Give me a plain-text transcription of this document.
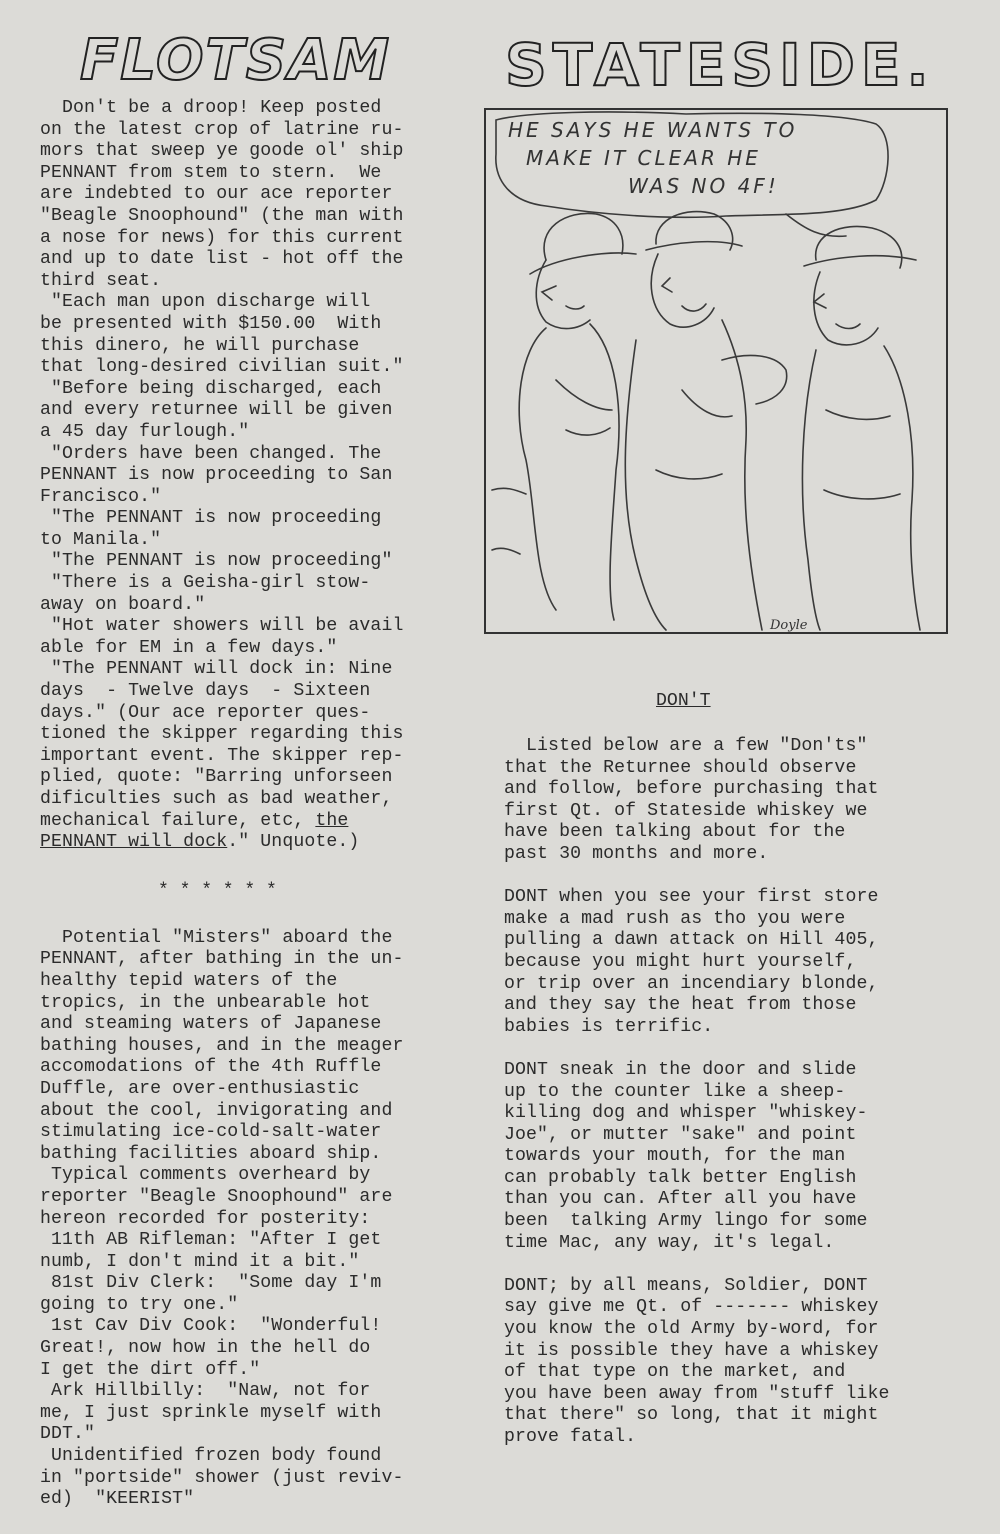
FLOTSAM STATESIDE.
HE SAYS HE WANTS TO
MAKE IT CLEAR HE
WAS NO 4F!
Doyle

Don't be a droop! Keep posted

on the latest crop of latrine ru-

mors that sweep ye goode ol' ship

PENNANT from stem to stern.  We

are indebted to our ace reporter

"Beagle Snoophound" (the man with

a nose for news) for this current

and up to date list - hot off the

third seat.

"Each man upon discharge will

be presented with $150.00  With

this dinero, he will purchase

that long-desired civilian suit."

"Before being discharged, each

and every returnee will be given

a 45 day furlough."

"Orders have been changed. The

PENNANT is now proceeding to San

Francisco."

"The PENNANT is now proceeding

to Manila."

"The PENNANT is now proceeding"

"There is a Geisha-girl stow-

away on board."

"Hot water showers will be avail

able for EM in a few days."

"The PENNANT will dock in: Nine

days  - Twelve days  - Sixteen

days." (Our ace reporter ques-

tioned the skipper regarding this

important event. The skipper rep-

plied, quote: "Barring unforseen

dificulties such as bad weather,

mechanical failure, etc, the

PENNANT will dock." Unquote.)

* * * * * *

Potential "Misters" aboard the

PENNANT, after bathing in the un-

healthy tepid waters of the

tropics, in the unbearable hot

and steaming waters of Japanese

bathing houses, and in the meager

accomodations of the 4th Ruffle

Duffle, are over-enthusiastic

about the cool, invigorating and

stimulating ice-cold-salt-water

bathing facilities aboard ship.

Typical comments overheard by

reporter "Beagle Snoophound" are

hereon recorded for posterity:

11th AB Rifleman: "After I get

numb, I don't mind it a bit."

81st Div Clerk:  "Some day I'm

going to try one."

1st Cav Div Cook:  "Wonderful!

Great!, now how in the hell do

I get the dirt off."

Ark Hillbilly:  "Naw, not for

me, I just sprinkle myself with

DDT."

Unidentified frozen body found

in "portside" shower (just reviv-

ed)  "KEERIST"

DON'T

Listed below are a few "Don'ts"

that the Returnee should observe

and follow, before purchasing that

first Qt. of Stateside whiskey we

have been talking about for the

past 30 months and more.

DONT when you see your first store

make a mad rush as tho you were

pulling a dawn attack on Hill 405,

because you might hurt yourself,

or trip over an incendiary blonde,

and they say the heat from those

babies is terrific.

DONT sneak in the door and slide

up to the counter like a sheep-

killing dog and whisper "whiskey-

Joe", or mutter "sake" and point

towards your mouth, for the man

can probably talk better English

than you can. After all you have

been  talking Army lingo for some

time Mac, any way, it's legal.

DONT; by all means, Soldier, DONT

say give me Qt. of ------- whiskey

you know the old Army by-word, for

it is possible they have a whiskey

of that type on the market, and

you have been away from "stuff like

that there" so long, that it might

prove fatal.
